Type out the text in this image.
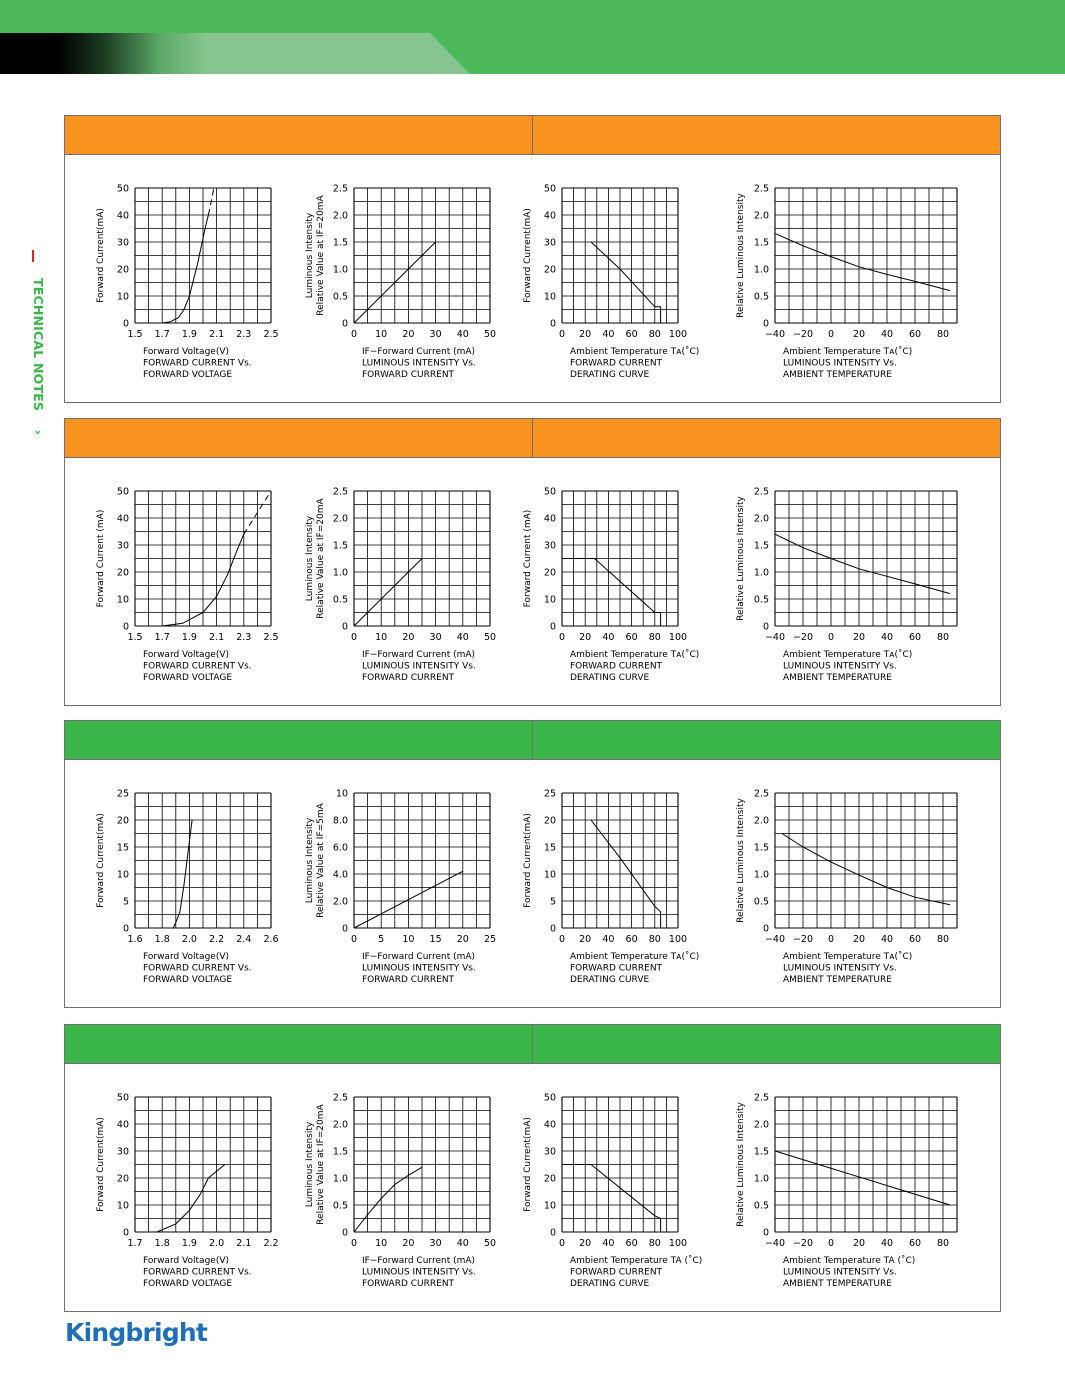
TECHNICAL NOTES ›
1.5 1.7 1.9 2.1 2.3 2.5
0
10
20
30
40
50
Forward Current(mA)
Forward Voltage(V)
FORWARD CURRENT Vs.
FORWARD VOLTAGE
0 10 20 30 40 50
0
0.5
1.0
1.5
2.0
2.5
Luminous Intensity Relative Value at IF=20mA
IF−Forward Current (mA)
LUMINOUS INTENSITY Vs.
FORWARD CURRENT
0 20 40 60 80 100
0
10
20
30
40
50
Forward Current(mA)
Ambient Temperature Tᴀ(˚C)
FORWARD CURRENT
DERATING CURVE
−40 −20 0 20 40 60 80
0
0.5
1.0
1.5
2.0
2.5
Relative Luminous Intensity
Ambient Temperature Tᴀ(˚C)
LUMINOUS INTENSITY Vs.
AMBIENT TEMPERATURE
1.5 1.7 1.9 2.1 2.3 2.5
0
10
20
30
40
50
Forward Current (mA)
Forward Voltage(V)
FORWARD CURRENT Vs.
FORWARD VOLTAGE
0 10 20 30 40 50
0
0.5
1.0
1.5
2.0
2.5
Luminous Intensity Relative Value at IF=20mA
IF−Forward Current (mA)
LUMINOUS INTENSITY Vs.
FORWARD CURRENT
0 20 40 60 80 100
0
10
20
30
40
50
Forward Current (mA)
Ambient Temperature Tᴀ(˚C)
FORWARD CURRENT
DERATING CURVE
−40 −20 0 20 40 60 80
0
0.5
1.0
1.5
2.0
2.5
Relative Luminous Intensity
Ambient Temperature Tᴀ(˚C)
LUMINOUS INTENSITY Vs.
AMBIENT TEMPERATURE
1.6 1.8 2.0 2.2 2.4 2.6
0
5
10
15
20
25
Forward Current(mA)
Forward Voltage(V)
FORWARD CURRENT Vs.
FORWARD VOLTAGE
0 5 10 15 20 25
0
2.0
4.0
6.0
8.0
10
Luminous Intensity Relative Value at IF=5mA
IF−Forward Current (mA)
LUMINOUS INTENSITY Vs.
FORWARD CURRENT
0 20 40 60 80 100
0
5
10
15
20
25
Forward Current(mA)
Ambient Temperature Tᴀ(˚C)
FORWARD CURRENT
DERATING CURVE
−40 −20 0 20 40 60 80
0
0.5
1.0
1.5
2.0
2.5
Relative Luminous Intensity
Ambient Temperature Tᴀ(˚C)
LUMINOUS INTENSITY Vs.
AMBIENT TEMPERATURE
1.7 1.8 1.9 2.0 2.1 2.2
0
10
20
30
40
50
Forward Current(mA)
Forward Voltage(V)
FORWARD CURRENT Vs.
FORWARD VOLTAGE
0 10 20 30 40 50
0
0.5
1.0
1.5
2.0
2.5
Luminous Intensity Relative Value at IF=20mA
IF−Forward Current (mA)
LUMINOUS INTENSITY Vs.
FORWARD CURRENT
0 20 40 60 80 100
0
10
20
30
40
50
Forward Current(mA)
Ambient Temperature TA (˚C)
FORWARD CURRENT
DERATING CURVE
−40 −20 0 20 40 60 80
0
0.5
1.0
1.5
2.0
2.5
Relative Luminous Intensity
Ambient Temperature TA (˚C)
LUMINOUS INTENSITY Vs.
AMBIENT TEMPERATURE
Kingbright
